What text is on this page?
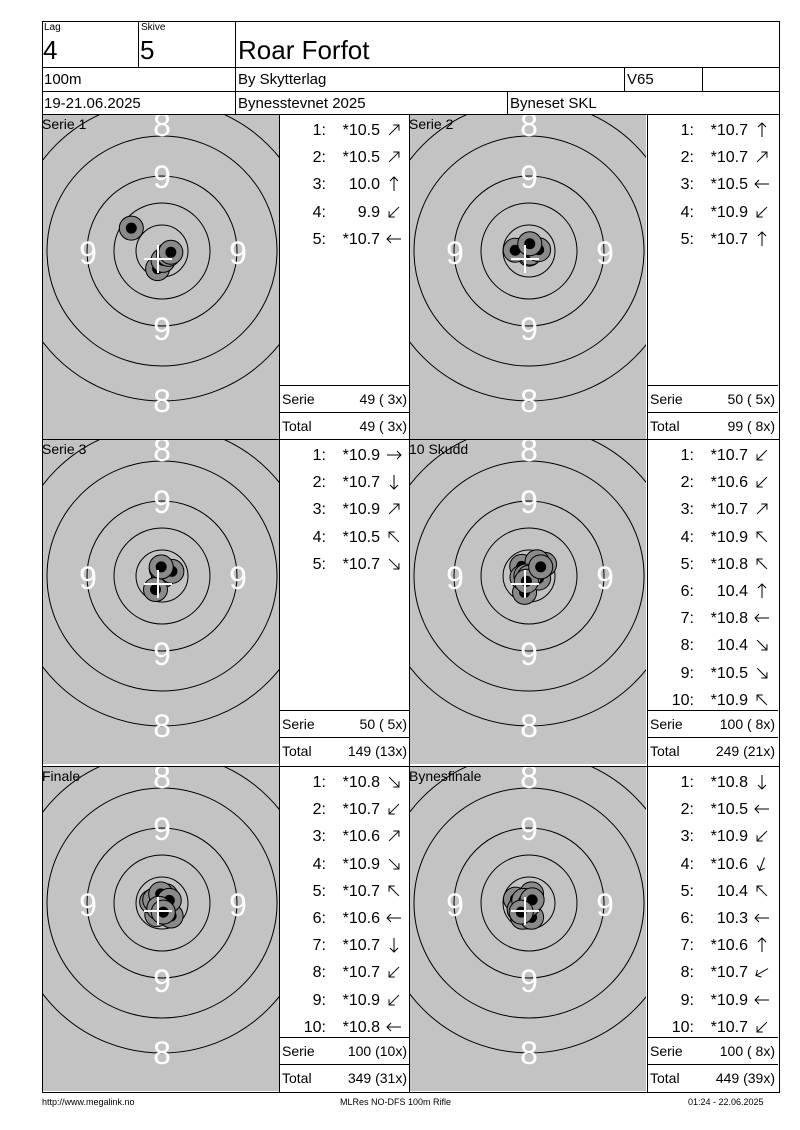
Lag
4
Skive
5	Roar Forfot
100m	By Skytterlag	V65
19-21.06.2025	Bynesstevnet 2025	Byneset SKL
8
8
9
9
9	9
Serie 1	1:	*10.5
2:	*10.5
3:	10.0
4:	9.9
5:	*10.7
Serie	49 ( 3x)
Total	49 ( 3x)
8
8
9
9
9	9
Serie 2	1:	*10.7
2:	*10.7
3:	*10.5
4:	*10.9
5:	*10.7
Serie	50 ( 5x)
Total	99 ( 8x)
8
8
9
9
9	9
Serie 3	1:	*10.9
2:	*10.7
3:	*10.9
4:	*10.5
5:	*10.7
Serie	50 ( 5x)
Total	149 (13x)
8
8
9
9
9	9
10 Skudd	1:	*10.7
2:	*10.6
3:	*10.7
4:	*10.9
5:	*10.8
6:	10.4
7:	*10.8
8:	10.4
9:	*10.5
10:	*10.9
Serie	100 ( 8x)
Total	249 (21x)
8
8
9
9
9	9
Finale	1:	*10.8
2:	*10.7
3:	*10.6
4:	*10.9
5:	*10.7
6:	*10.6
7:	*10.7
8:	*10.7
9:	*10.9
10:	*10.8
Serie 100 (10x)
Total	349 (31x)
8
8
9
9
9	9
Bynesfinale	1:	*10.8
2:	*10.5
3:	*10.9
4:	*10.6
5:	10.4
6:	10.3
7:	*10.6
8:	*10.7
9:	*10.9
10:	*10.7
Serie	100 ( 8x)
Total	449 (39x)
http://www.megalink.no	MLRes NO-DFS 100m Rifle	01:24 - 22.06.2025
